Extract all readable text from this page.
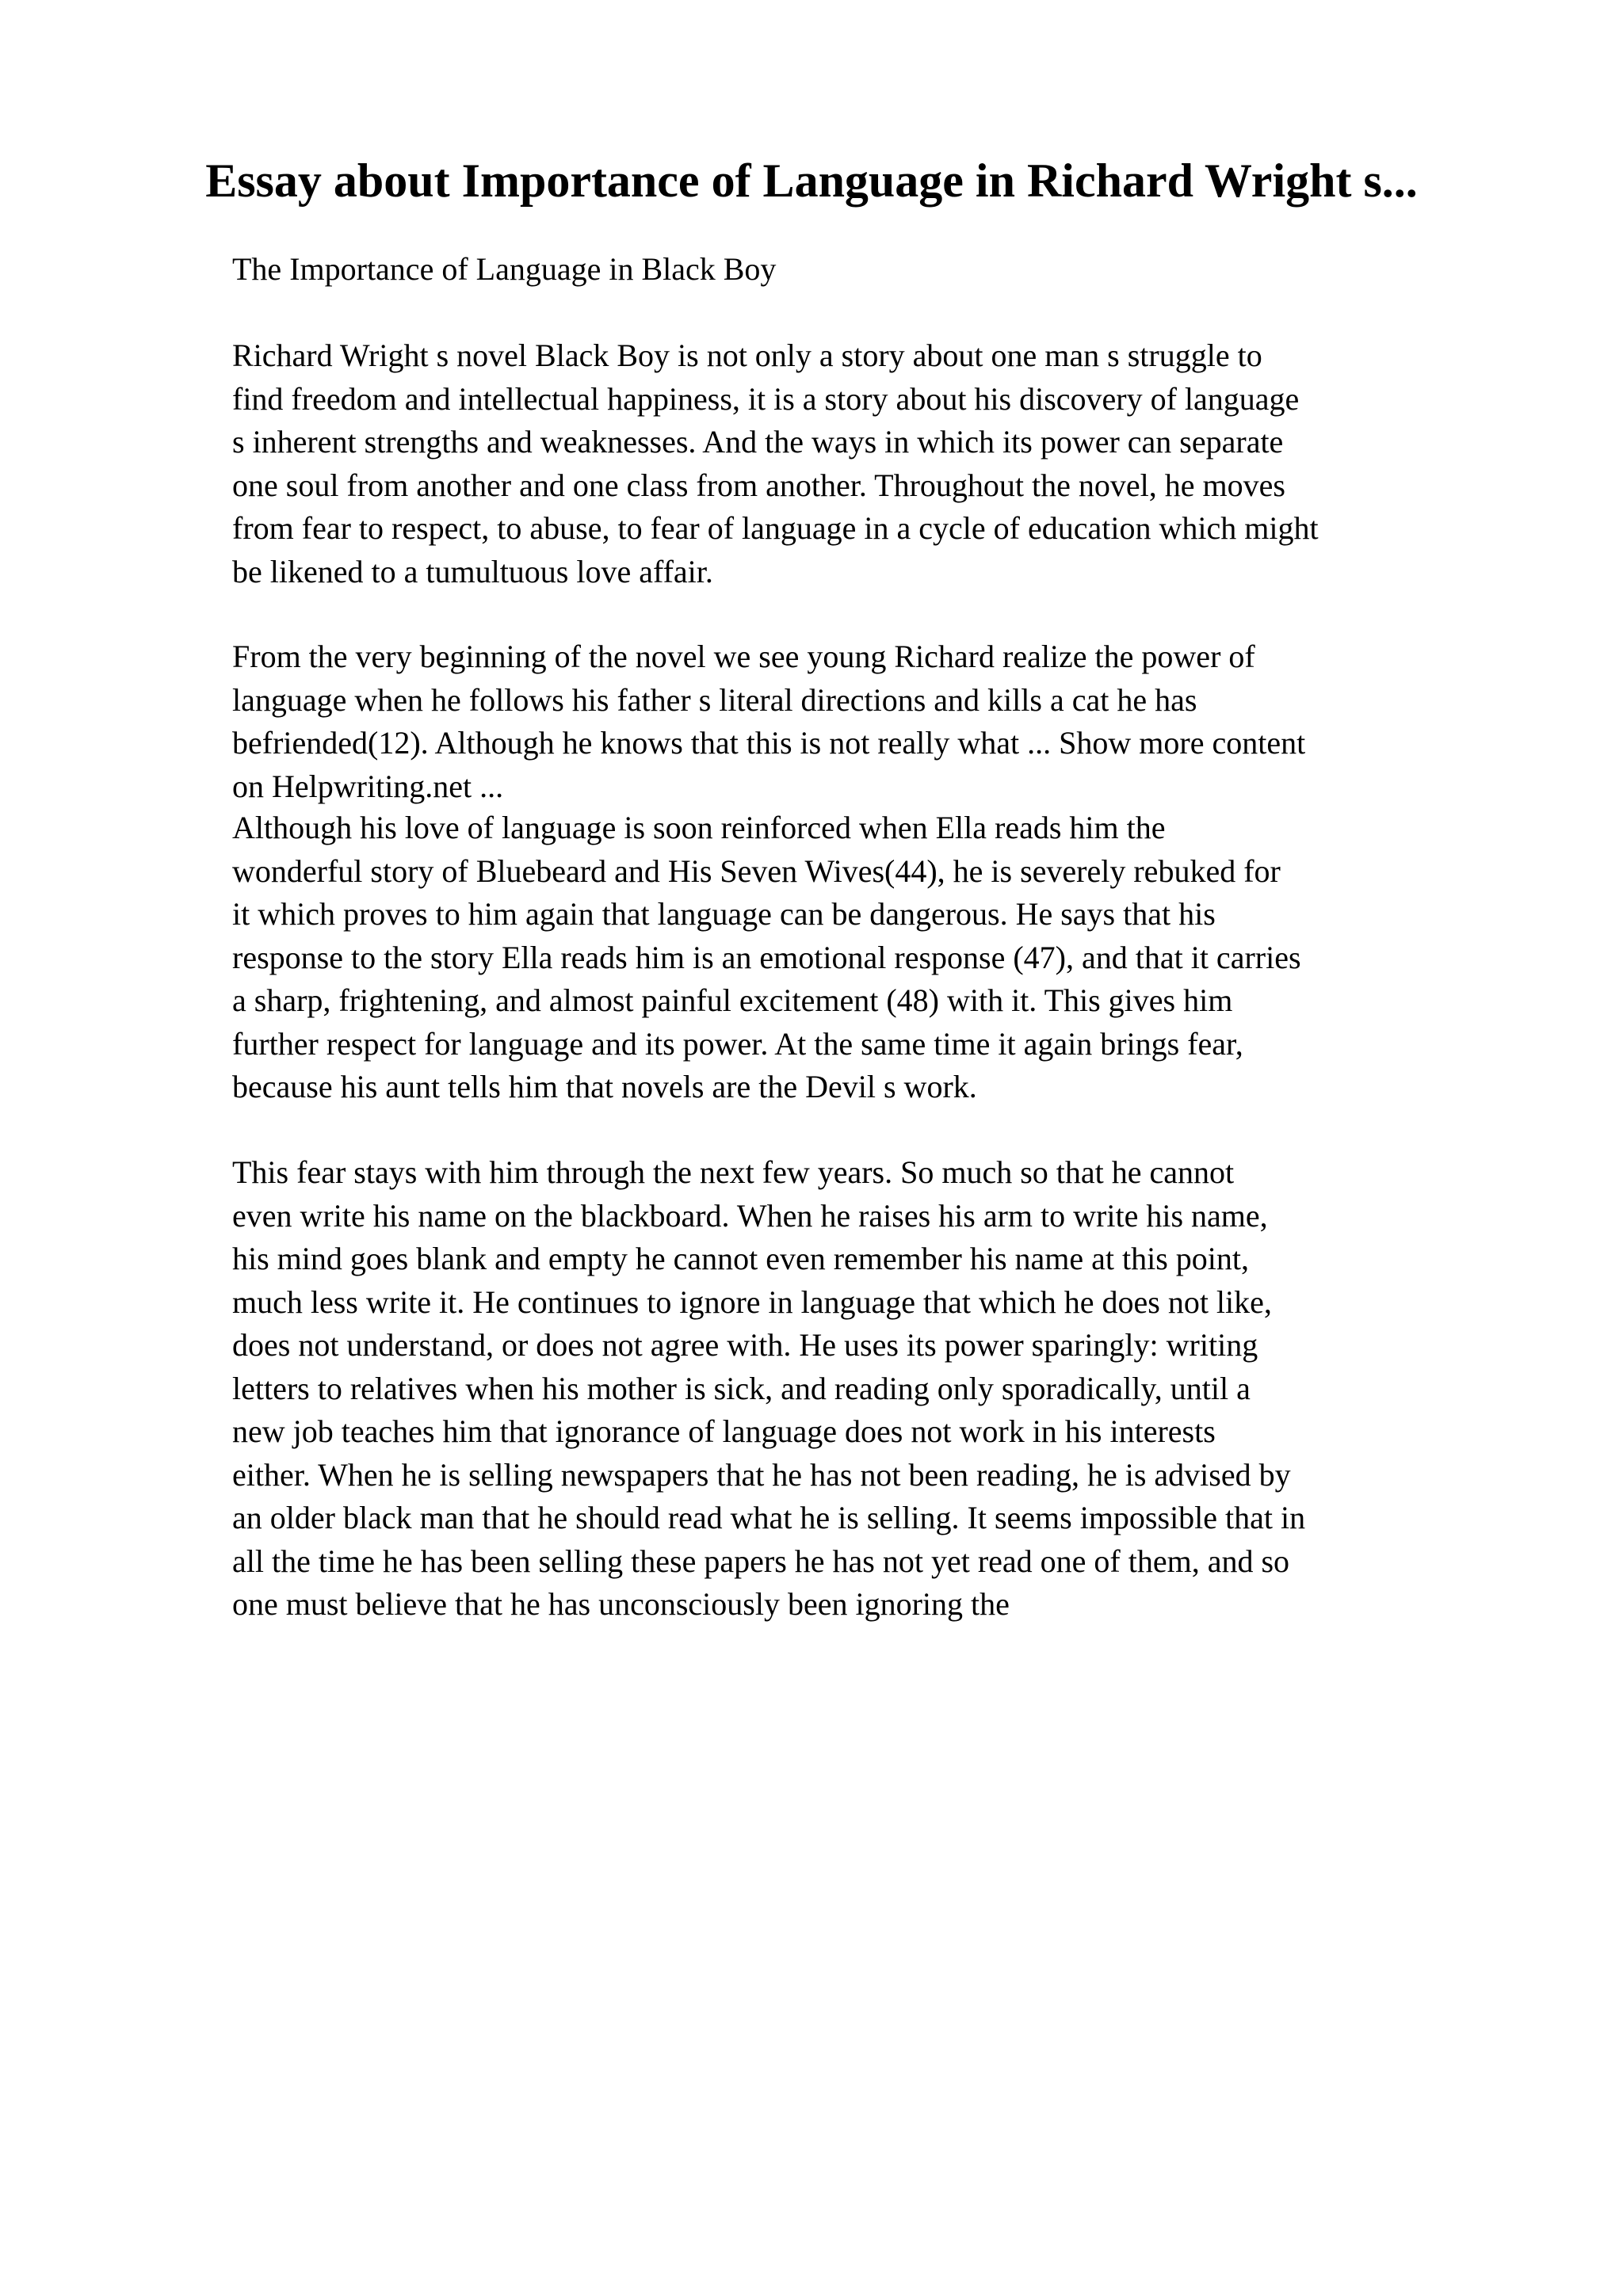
Essay about Importance of Language in Richard Wright s...

The Importance of Language in Black Boy

Richard Wright s novel Black Boy is not only a story about one man s struggle to
find freedom and intellectual happiness, it is a story about his discovery of language
s inherent strengths and weaknesses. And the ways in which its power can separate
one soul from another and one class from another. Throughout the novel, he moves
from fear to respect, to abuse, to fear of language in a cycle of education which might
be likened to a tumultuous love affair.

From the very beginning of the novel we see young Richard realize the power of
language when he follows his father s literal directions and kills a cat he has
befriended(12). Although he knows that this is not really what ... Show more content
on Helpwriting.net ...

Although his love of language is soon reinforced when Ella reads him the
wonderful story of Bluebeard and His Seven Wives(44), he is severely rebuked for
it which proves to him again that language can be dangerous. He says that his
response to the story Ella reads him is an emotional response (47), and that it carries
a sharp, frightening, and almost painful excitement (48) with it. This gives him
further respect for language and its power. At the same time it again brings fear,
because his aunt tells him that novels are the Devil s work.

This fear stays with him through the next few years. So much so that he cannot
even write his name on the blackboard. When he raises his arm to write his name,
his mind goes blank and empty he cannot even remember his name at this point,
much less write it. He continues to ignore in language that which he does not like,
does not understand, or does not agree with. He uses its power sparingly: writing
letters to relatives when his mother is sick, and reading only sporadically, until a
new job teaches him that ignorance of language does not work in his interests
either. When he is selling newspapers that he has not been reading, he is advised by
an older black man that he should read what he is selling. It seems impossible that in
all the time he has been selling these papers he has not yet read one of them, and so
one must believe that he has unconsciously been ignoring the
